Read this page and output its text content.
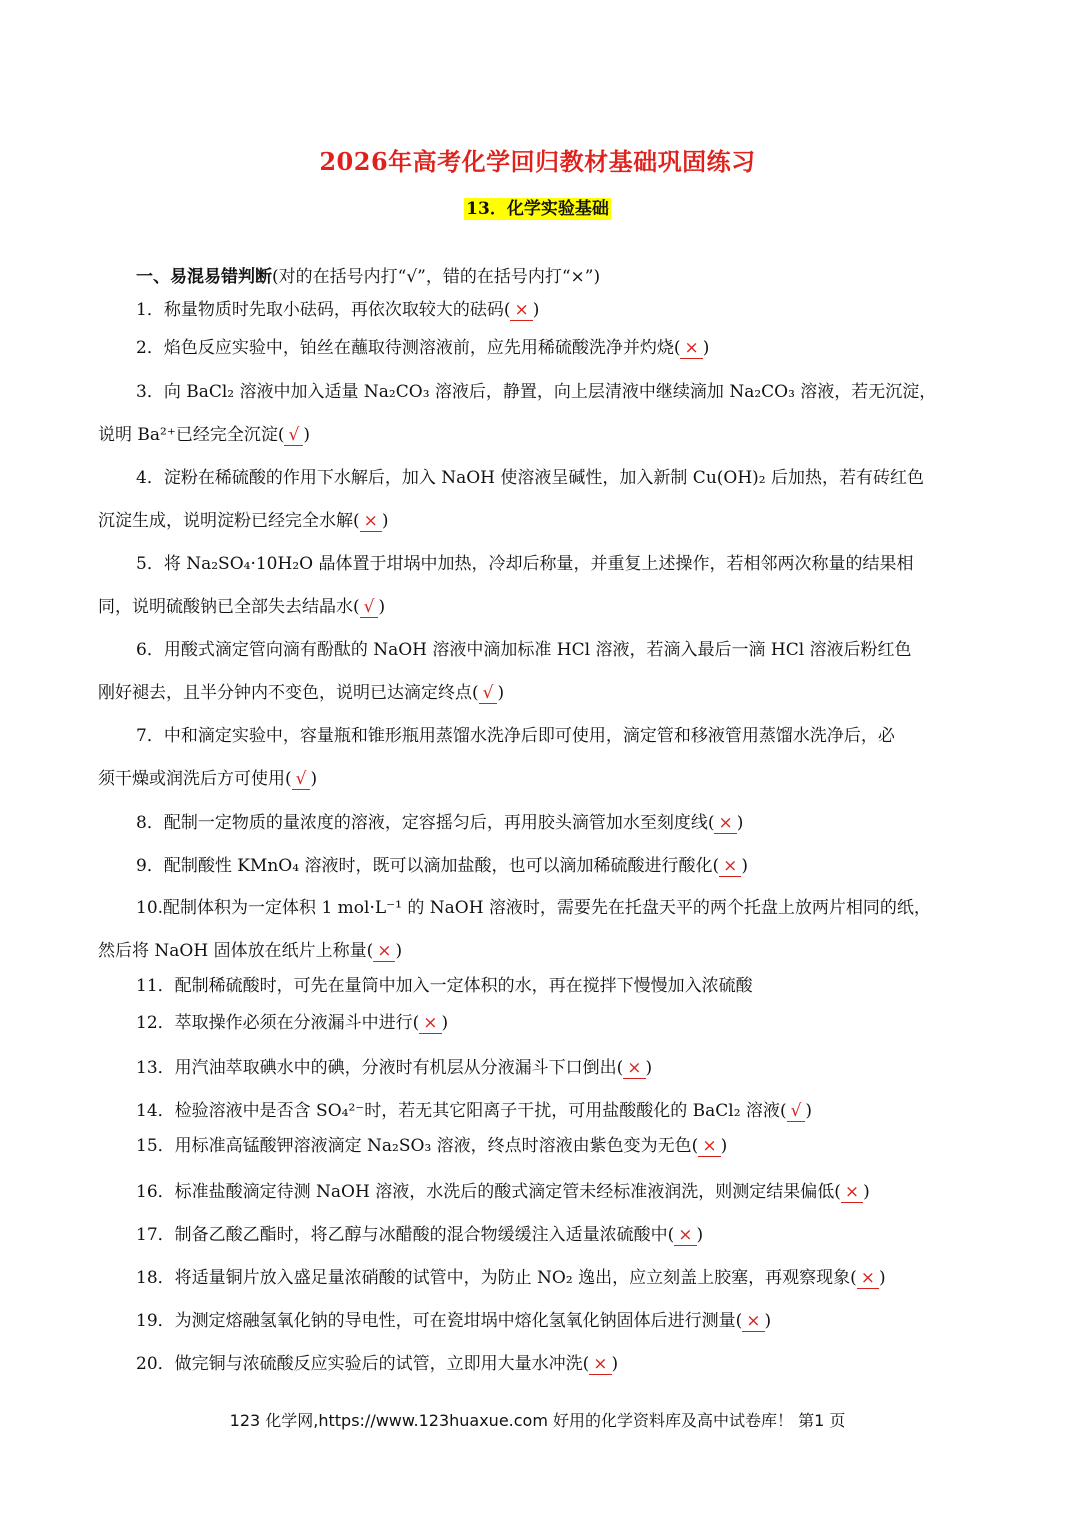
2026年高考化学回归教材基础巩固练习
13．化学实验基础
一、易混易错判断(对的在括号内打“√”，错的在括号内打“×”)
1．称量物质时先取小砝码，再依次取较大的砝码( × )
2．焰色反应实验中，铂丝在蘸取待测溶液前，应先用稀硫酸洗净并灼烧( × )
3．向 BaCl₂ 溶液中加入适量 Na₂CO₃ 溶液后，静置，向上层清液中继续滴加 Na₂CO₃ 溶液，若无沉淀，
说明 Ba²⁺已经完全沉淀( √ )
4．淀粉在稀硫酸的作用下水解后，加入 NaOH 使溶液呈碱性，加入新制 Cu(OH)₂ 后加热，若有砖红色
沉淀生成，说明淀粉已经完全水解( × )
5．将 Na₂SO₄·10H₂O 晶体置于坩埚中加热，冷却后称量，并重复上述操作，若相邻两次称量的结果相
同，说明硫酸钠已全部失去结晶水( √ )
6．用酸式滴定管向滴有酚酞的 NaOH 溶液中滴加标准 HCl 溶液，若滴入最后一滴 HCl 溶液后粉红色
刚好褪去，且半分钟内不变色，说明已达滴定终点( √ )
7．中和滴定实验中，容量瓶和锥形瓶用蒸馏水洗净后即可使用，滴定管和移液管用蒸馏水洗净后，必
须干燥或润洗后方可使用( √ )
8．配制一定物质的量浓度的溶液，定容摇匀后，再用胶头滴管加水至刻度线( × )
9．配制酸性 KMnO₄ 溶液时，既可以滴加盐酸，也可以滴加稀硫酸进行酸化( × )
10.配制体积为一定体积 1 mol·L⁻¹ 的 NaOH 溶液时，需要先在托盘天平的两个托盘上放两片相同的纸，
然后将 NaOH 固体放在纸片上称量( × )
11．配制稀硫酸时，可先在量筒中加入一定体积的水，再在搅拌下慢慢加入浓硫酸
12．萃取操作必须在分液漏斗中进行( × )
13．用汽油萃取碘水中的碘，分液时有机层从分液漏斗下口倒出( × )
14．检验溶液中是否含 SO₄²⁻时，若无其它阳离子干扰，可用盐酸酸化的 BaCl₂ 溶液( √ )
15．用标准高锰酸钾溶液滴定 Na₂SO₃ 溶液，终点时溶液由紫色变为无色( × )
16．标准盐酸滴定待测 NaOH 溶液，水洗后的酸式滴定管未经标准液润洗，则测定结果偏低( × )
17．制备乙酸乙酯时，将乙醇与冰醋酸的混合物缓缓注入适量浓硫酸中( × )
18．将适量铜片放入盛足量浓硝酸的试管中，为防止 NO₂ 逸出，应立刻盖上胶塞，再观察现象( × )
19．为测定熔融氢氧化钠的导电性，可在瓷坩埚中熔化氢氧化钠固体后进行测量( × )
20．做完铜与浓硫酸反应实验后的试管，立即用大量水冲洗( × )
123 化学网,https://www.123huaxue.com 好用的化学资料库及高中试卷库！ 第1 页
